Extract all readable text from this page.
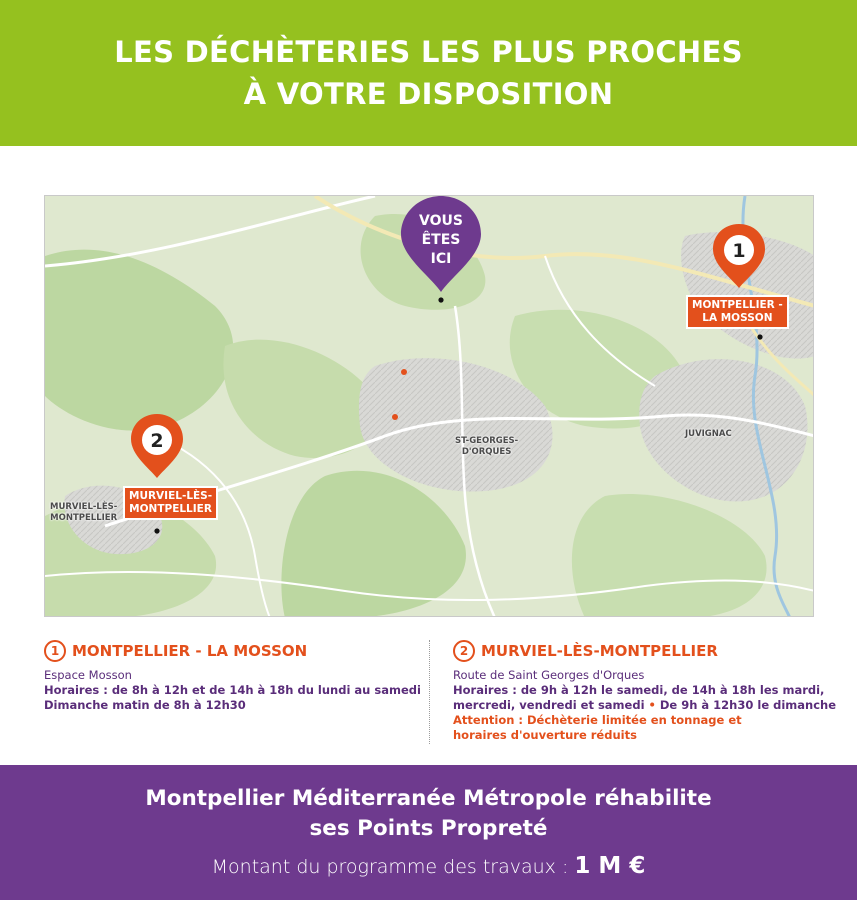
LES DÉCHÈTERIES LES PLUS PROCHES
À VOTRE DISPOSITION
VOUS
ÊTES
ICI	1
MONTPELLIER -
LA MOSSON
2
MURVIEL-LÈS-
MONTPELLIER
ST-GEORGES-
D'ORQUES
JUVIGNAC
MURVIEL-LÈS-
MONTPELLIER
1 MONTPELLIER - LA MOSSON
Espace Mosson
Horaires : de 8h à 12h et de 14h à 18h du lundi au samedi
Dimanche matin de 8h à 12h30
2 MURVIEL-LÈS-MONTPELLIER
Route de Saint Georges d'Orques
Horaires : de 9h à 12h le samedi, de 14h à 18h les mardi,
mercredi, vendredi et samedi • De 9h à 12h30 le dimanche
Attention : Déchèterie limitée en tonnage et
horaires d'ouverture réduits
Montpellier Méditerranée Métropole réhabilite
ses Points Propreté
Montant du programme des travaux : 1 M €
